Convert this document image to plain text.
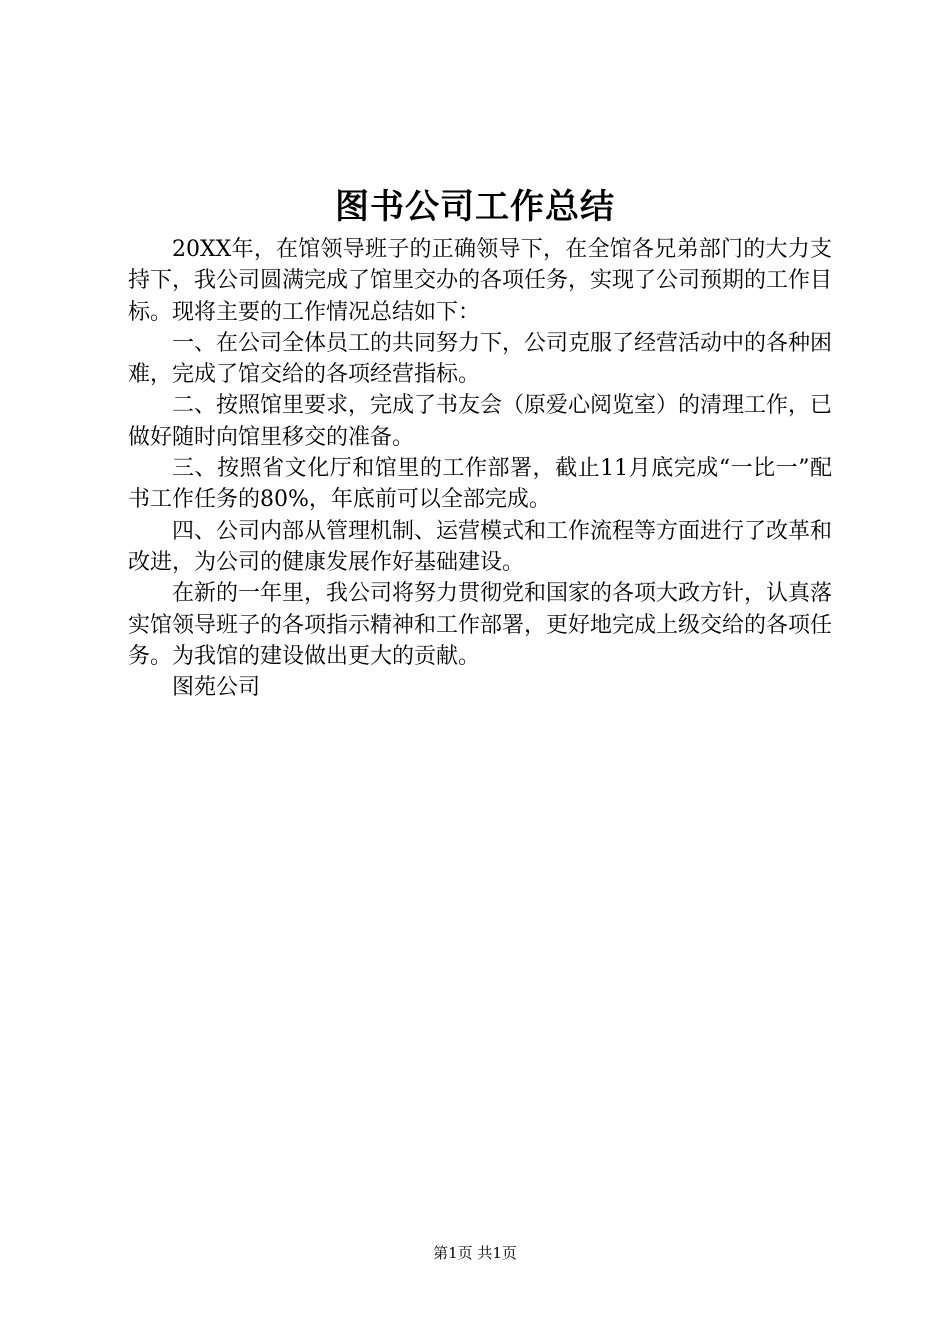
图书公司工作总结

20XX年，在馆领导班子的正确领导下，在全馆各兄弟部门的大力支持下，我公司圆满完成了馆里交办的各项任务，实现了公司预期的工作目标。现将主要的工作情况总结如下：

一、在公司全体员工的共同努力下，公司克服了经营活动中的各种困难，完成了馆交给的各项经营指标。

二、按照馆里要求，完成了书友会（原爱心阅览室）的清理工作，已做好随时向馆里移交的准备。

三、按照省文化厅和馆里的工作部署，截止11月底完成“一比一”配书工作任务的80%，年底前可以全部完成。

四、公司内部从管理机制、运营模式和工作流程等方面进行了改革和改进，为公司的健康发展作好基础建设。

在新的一年里，我公司将努力贯彻党和国家的各项大政方针，认真落实馆领导班子的各项指示精神和工作部署，更好地完成上级交给的各项任务。为我馆的建设做出更大的贡献。

图苑公司

第1页 共1页
